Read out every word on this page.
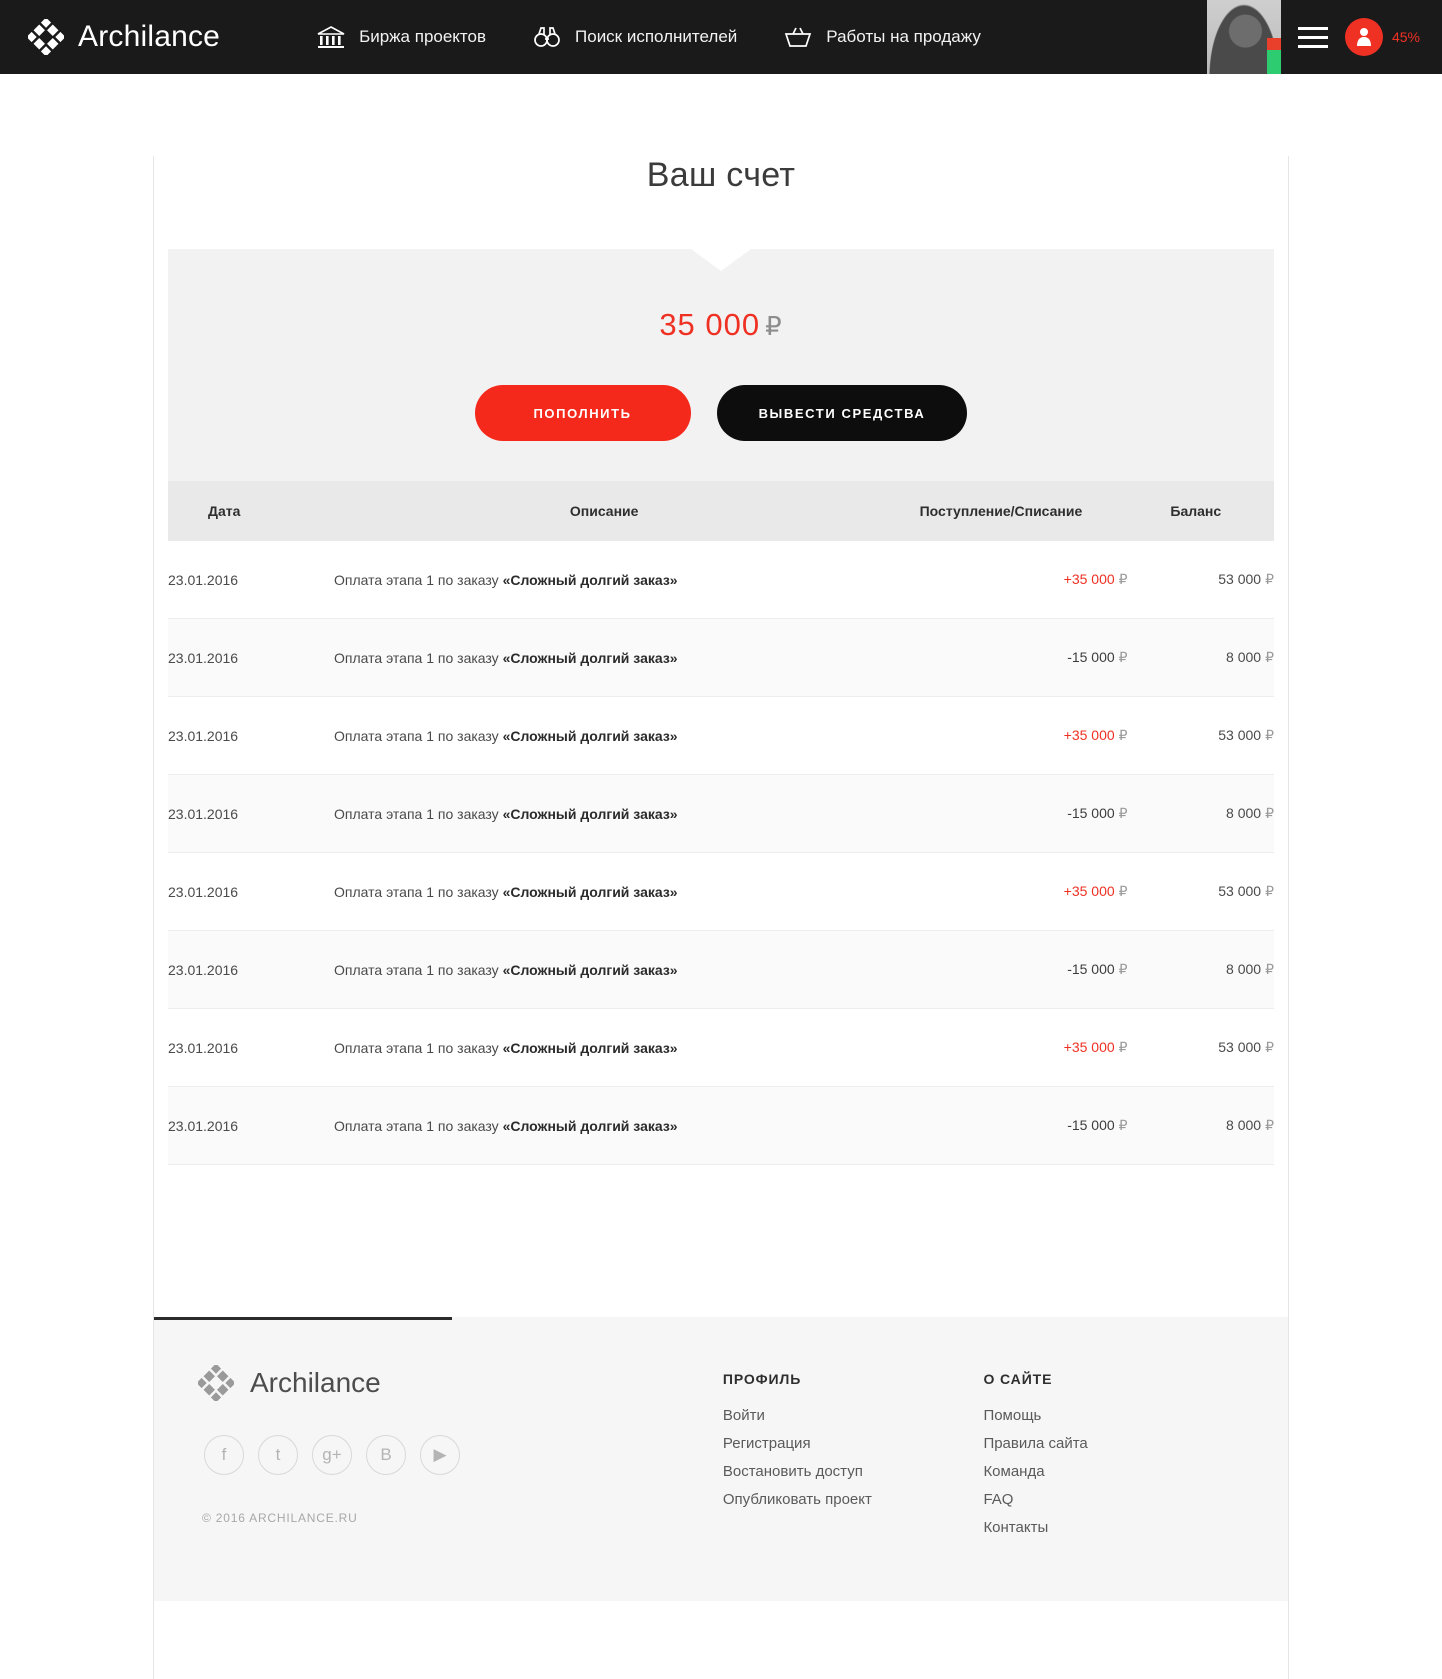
Archilance	Биржа проектов	Поиск исполнителей	Работы на продажу	45%
Ваш счет
35 000 ₽
ПОПОЛНИТЬ	ВЫВЕСТИ СРЕДСТВА
Дата	Описание	Поступление/Списание	Баланс
23.01.2016	Оплата этапа 1 по заказу «Сложный долгий заказ»	+35 000 ₽	53 000 ₽
23.01.2016	Оплата этапа 1 по заказу «Сложный долгий заказ»	-15 000 ₽	8 000 ₽
23.01.2016	Оплата этапа 1 по заказу «Сложный долгий заказ»	+35 000 ₽	53 000 ₽
23.01.2016	Оплата этапа 1 по заказу «Сложный долгий заказ»	-15 000 ₽	8 000 ₽
23.01.2016	Оплата этапа 1 по заказу «Сложный долгий заказ»	+35 000 ₽	53 000 ₽
23.01.2016	Оплата этапа 1 по заказу «Сложный долгий заказ»	-15 000 ₽	8 000 ₽
23.01.2016	Оплата этапа 1 по заказу «Сложный долгий заказ»	+35 000 ₽	53 000 ₽
23.01.2016	Оплата этапа 1 по заказу «Сложный долгий заказ»	-15 000 ₽	8 000 ₽
Archilance
f	t	g+	B	▶
© 2016 ARCHILANCE.RU
ПРОФИЛЬ
Войти
Регистрация
Востановить доступ
Опубликовать проект
О САЙТЕ
Помощь
Правила сайта
Команда
FAQ
Контакты
